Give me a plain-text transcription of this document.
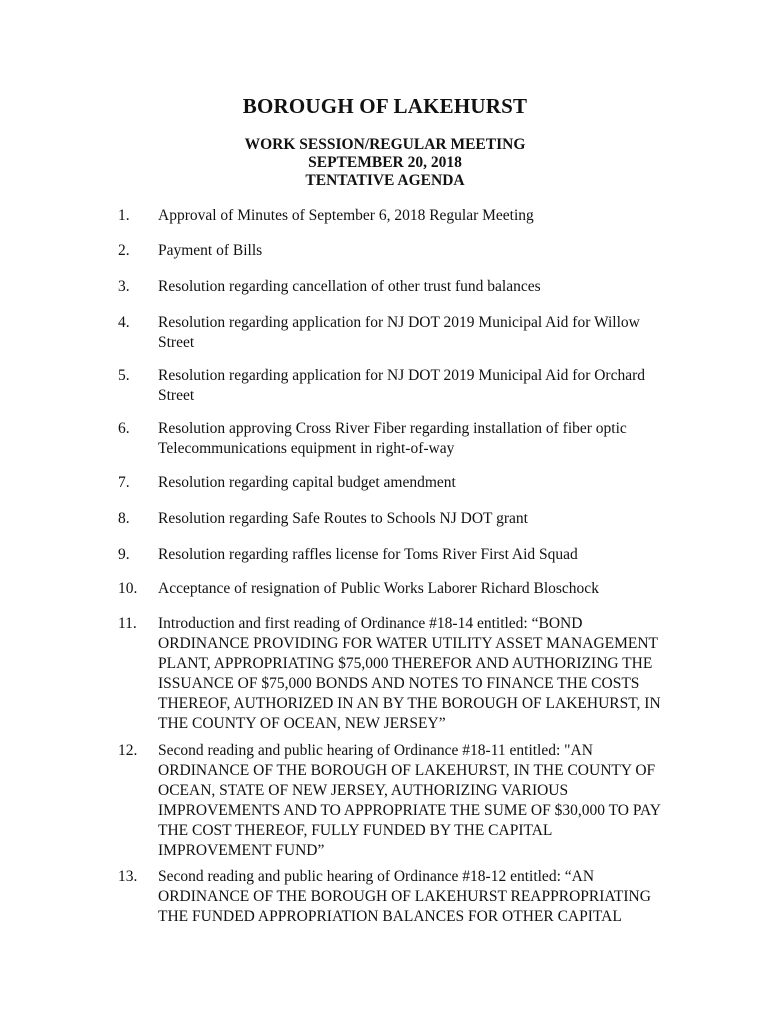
BOROUGH OF LAKEHURST
WORK SESSION/REGULAR MEETING
SEPTEMBER 20, 2018
TENTATIVE AGENDA
1.	Approval of Minutes of September 6, 2018 Regular Meeting
2.	Payment of Bills
3.	Resolution regarding cancellation of other trust fund balances
4.	Resolution regarding application for NJ DOT 2019 Municipal Aid for Willow
Street
5.	Resolution regarding application for NJ DOT 2019 Municipal Aid for Orchard
Street
6.	Resolution approving Cross River Fiber regarding installation of fiber optic
Telecommunications equipment in right-of-way
7.	Resolution regarding capital budget amendment
8.	Resolution regarding Safe Routes to Schools NJ DOT grant
9.	Resolution regarding raffles license for Toms River First Aid Squad
10.	Acceptance of resignation of Public Works Laborer Richard Bloschock
11.	Introduction and first reading of Ordinance #18-14 entitled: “BOND
ORDINANCE PROVIDING FOR WATER UTILITY ASSET MANAGEMENT
PLANT, APPROPRIATING $75,000 THEREFOR AND AUTHORIZING THE
ISSUANCE OF $75,000 BONDS AND NOTES TO FINANCE THE COSTS
THEREOF, AUTHORIZED IN AN BY THE BOROUGH OF LAKEHURST, IN
THE COUNTY OF OCEAN, NEW JERSEY”
12.	Second reading and public hearing of Ordinance #18-11 entitled: "AN
ORDINANCE OF THE BOROUGH OF LAKEHURST, IN THE COUNTY OF
OCEAN, STATE OF NEW JERSEY, AUTHORIZING VARIOUS
IMPROVEMENTS AND TO APPROPRIATE THE SUME OF $30,000 TO PAY
THE COST THEREOF, FULLY FUNDED BY THE CAPITAL
IMPROVEMENT FUND”
13.	Second reading and public hearing of Ordinance #18-12 entitled: “AN
ORDINANCE OF THE BOROUGH OF LAKEHURST REAPPROPRIATING
THE FUNDED APPROPRIATION BALANCES FOR OTHER CAPITAL
